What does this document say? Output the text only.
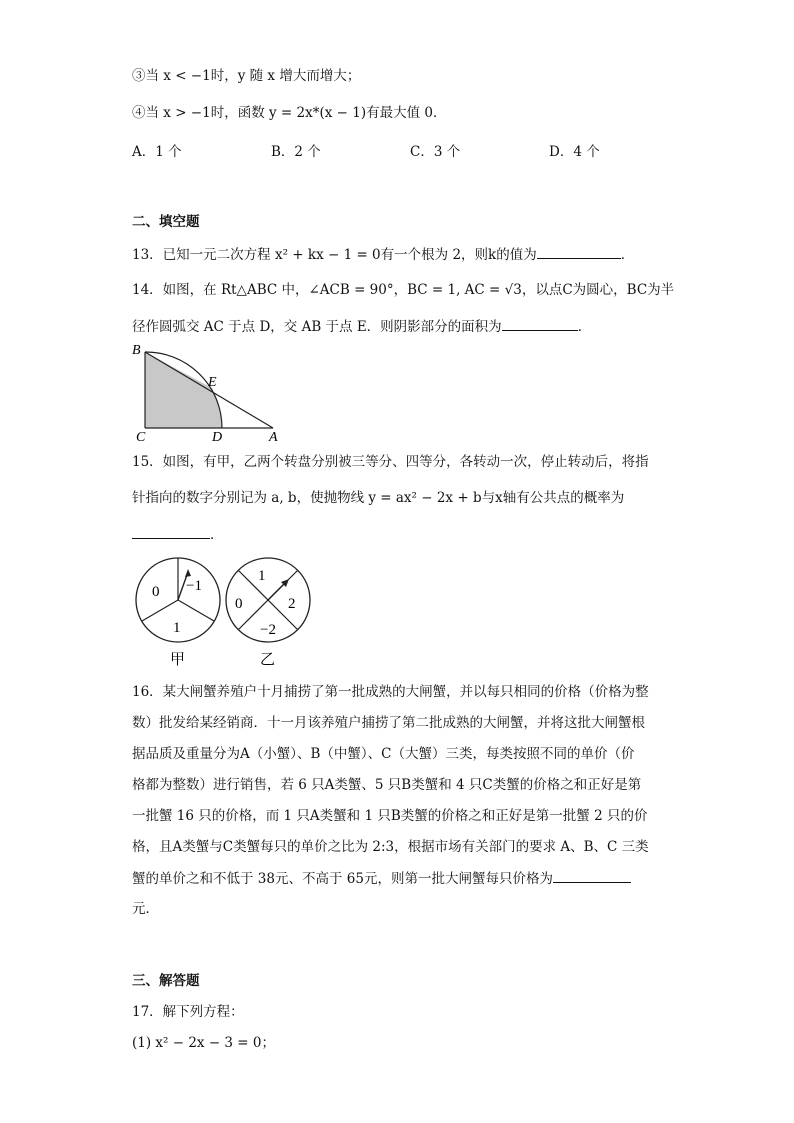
③当 x < −1时，y 随 x 增大而增大；
④当 x > −1时，函数 y = 2x*(x − 1)有最大值 0．
A．1 个	B．2 个	C．3 个	D．4 个
二、填空题
13．已知一元二次方程 x² + kx − 1 = 0有一个根为 2，则k的值为	．
14．如图，在 Rt△ABC 中，∠ACB = 90°，BC = 1, AC = √3，以点C为圆心，BC为半
径作圆弧交 AC 于点 D，交 AB 于点 E．则阴影部分的面积为	．
B
E
C	D	A
15．如图，有甲，乙两个转盘分别被三等分、四等分，各转动一次，停止转动后，将指
针指向的数字分别记为 a, b，使抛物线 y = ax² − 2x + b与x轴有公共点的概率为
．
0 −1
1
甲
1
2
0
−2
乙
16．某大闸蟹养殖户十月捕捞了第一批成熟的大闸蟹，并以每只相同的价格（价格为整
数）批发给某经销商．十一月该养殖户捕捞了第二批成熟的大闸蟹，并将这批大闸蟹根
据品质及重量分为A（小蟹）、B（中蟹）、C（大蟹）三类，每类按照不同的单价（价
格都为整数）进行销售，若 6 只A类蟹、5 只B类蟹和 4 只C类蟹的价格之和正好是第
一批蟹 16 只的价格，而 1 只A类蟹和 1 只B类蟹的价格之和正好是第一批蟹 2 只的价
格，且A类蟹与C类蟹每只的单价之比为 2:3，根据市场有关部门的要求 A、B、C 三类
蟹的单价之和不低于 38元、不高于 65元，则第一批大闸蟹每只价格为
元．
三、解答题
17．解下列方程：
(1) x² − 2x − 3 = 0；
